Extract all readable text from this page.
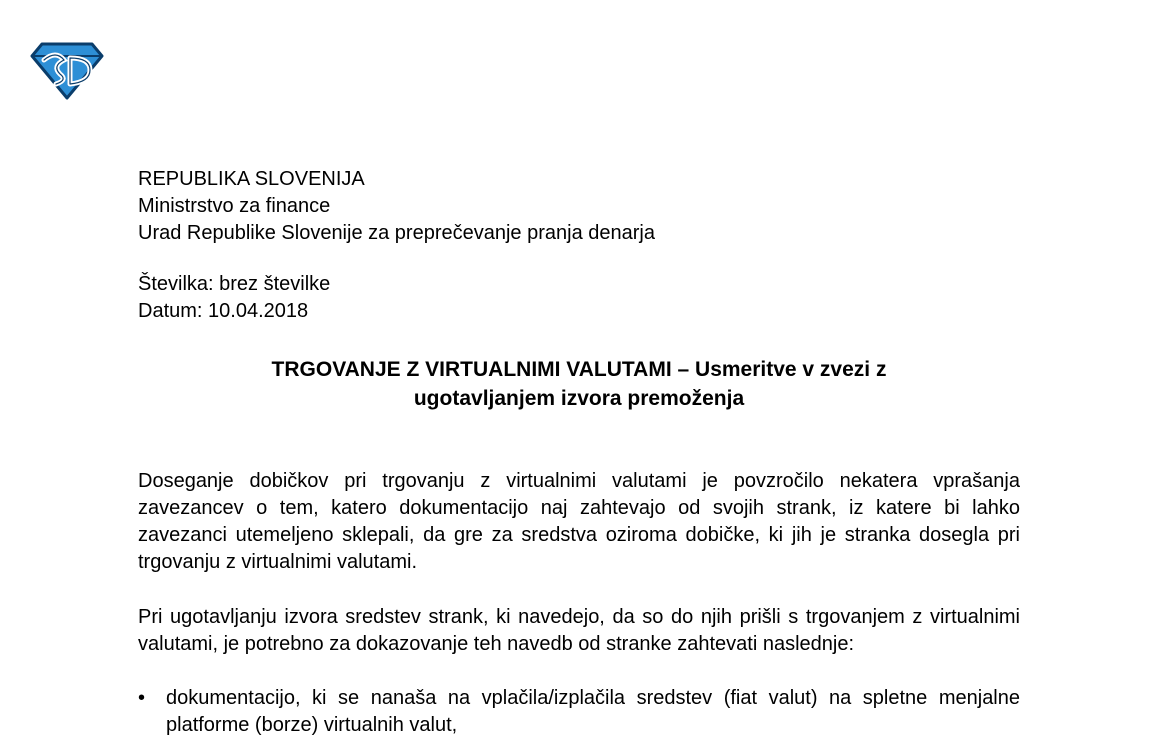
REPUBLIKA SLOVENIJA
Ministrstvo za finance
Urad Republike Slovenije za preprečevanje pranja denarja
Številka: brez številke
Datum: 10.04.2018
TRGOVANJE Z VIRTUALNIMI VALUTAMI – Usmeritve v zvezi z
ugotavljanjem izvora premoženja
Doseganje dobičkov pri trgovanju z virtualnimi valutami je povzročilo nekatera vprašanja zavezancev o tem, katero dokumentacijo naj zahtevajo od svojih strank, iz katere bi lahko zavezanci utemeljeno sklepali, da gre za sredstva oziroma dobičke, ki jih je stranka dosegla pri trgovanju z virtualnimi valutami.
Pri ugotavljanju izvora sredstev strank, ki navedejo, da so do njih prišli s trgovanjem z virtualnimi valutami, je potrebno za dokazovanje teh navedb od stranke zahtevati naslednje:
•	dokumentacijo, ki se nanaša na vplačila/izplačila sredstev (fiat valut) na spletne menjalne platforme (borze) virtualnih valut,
